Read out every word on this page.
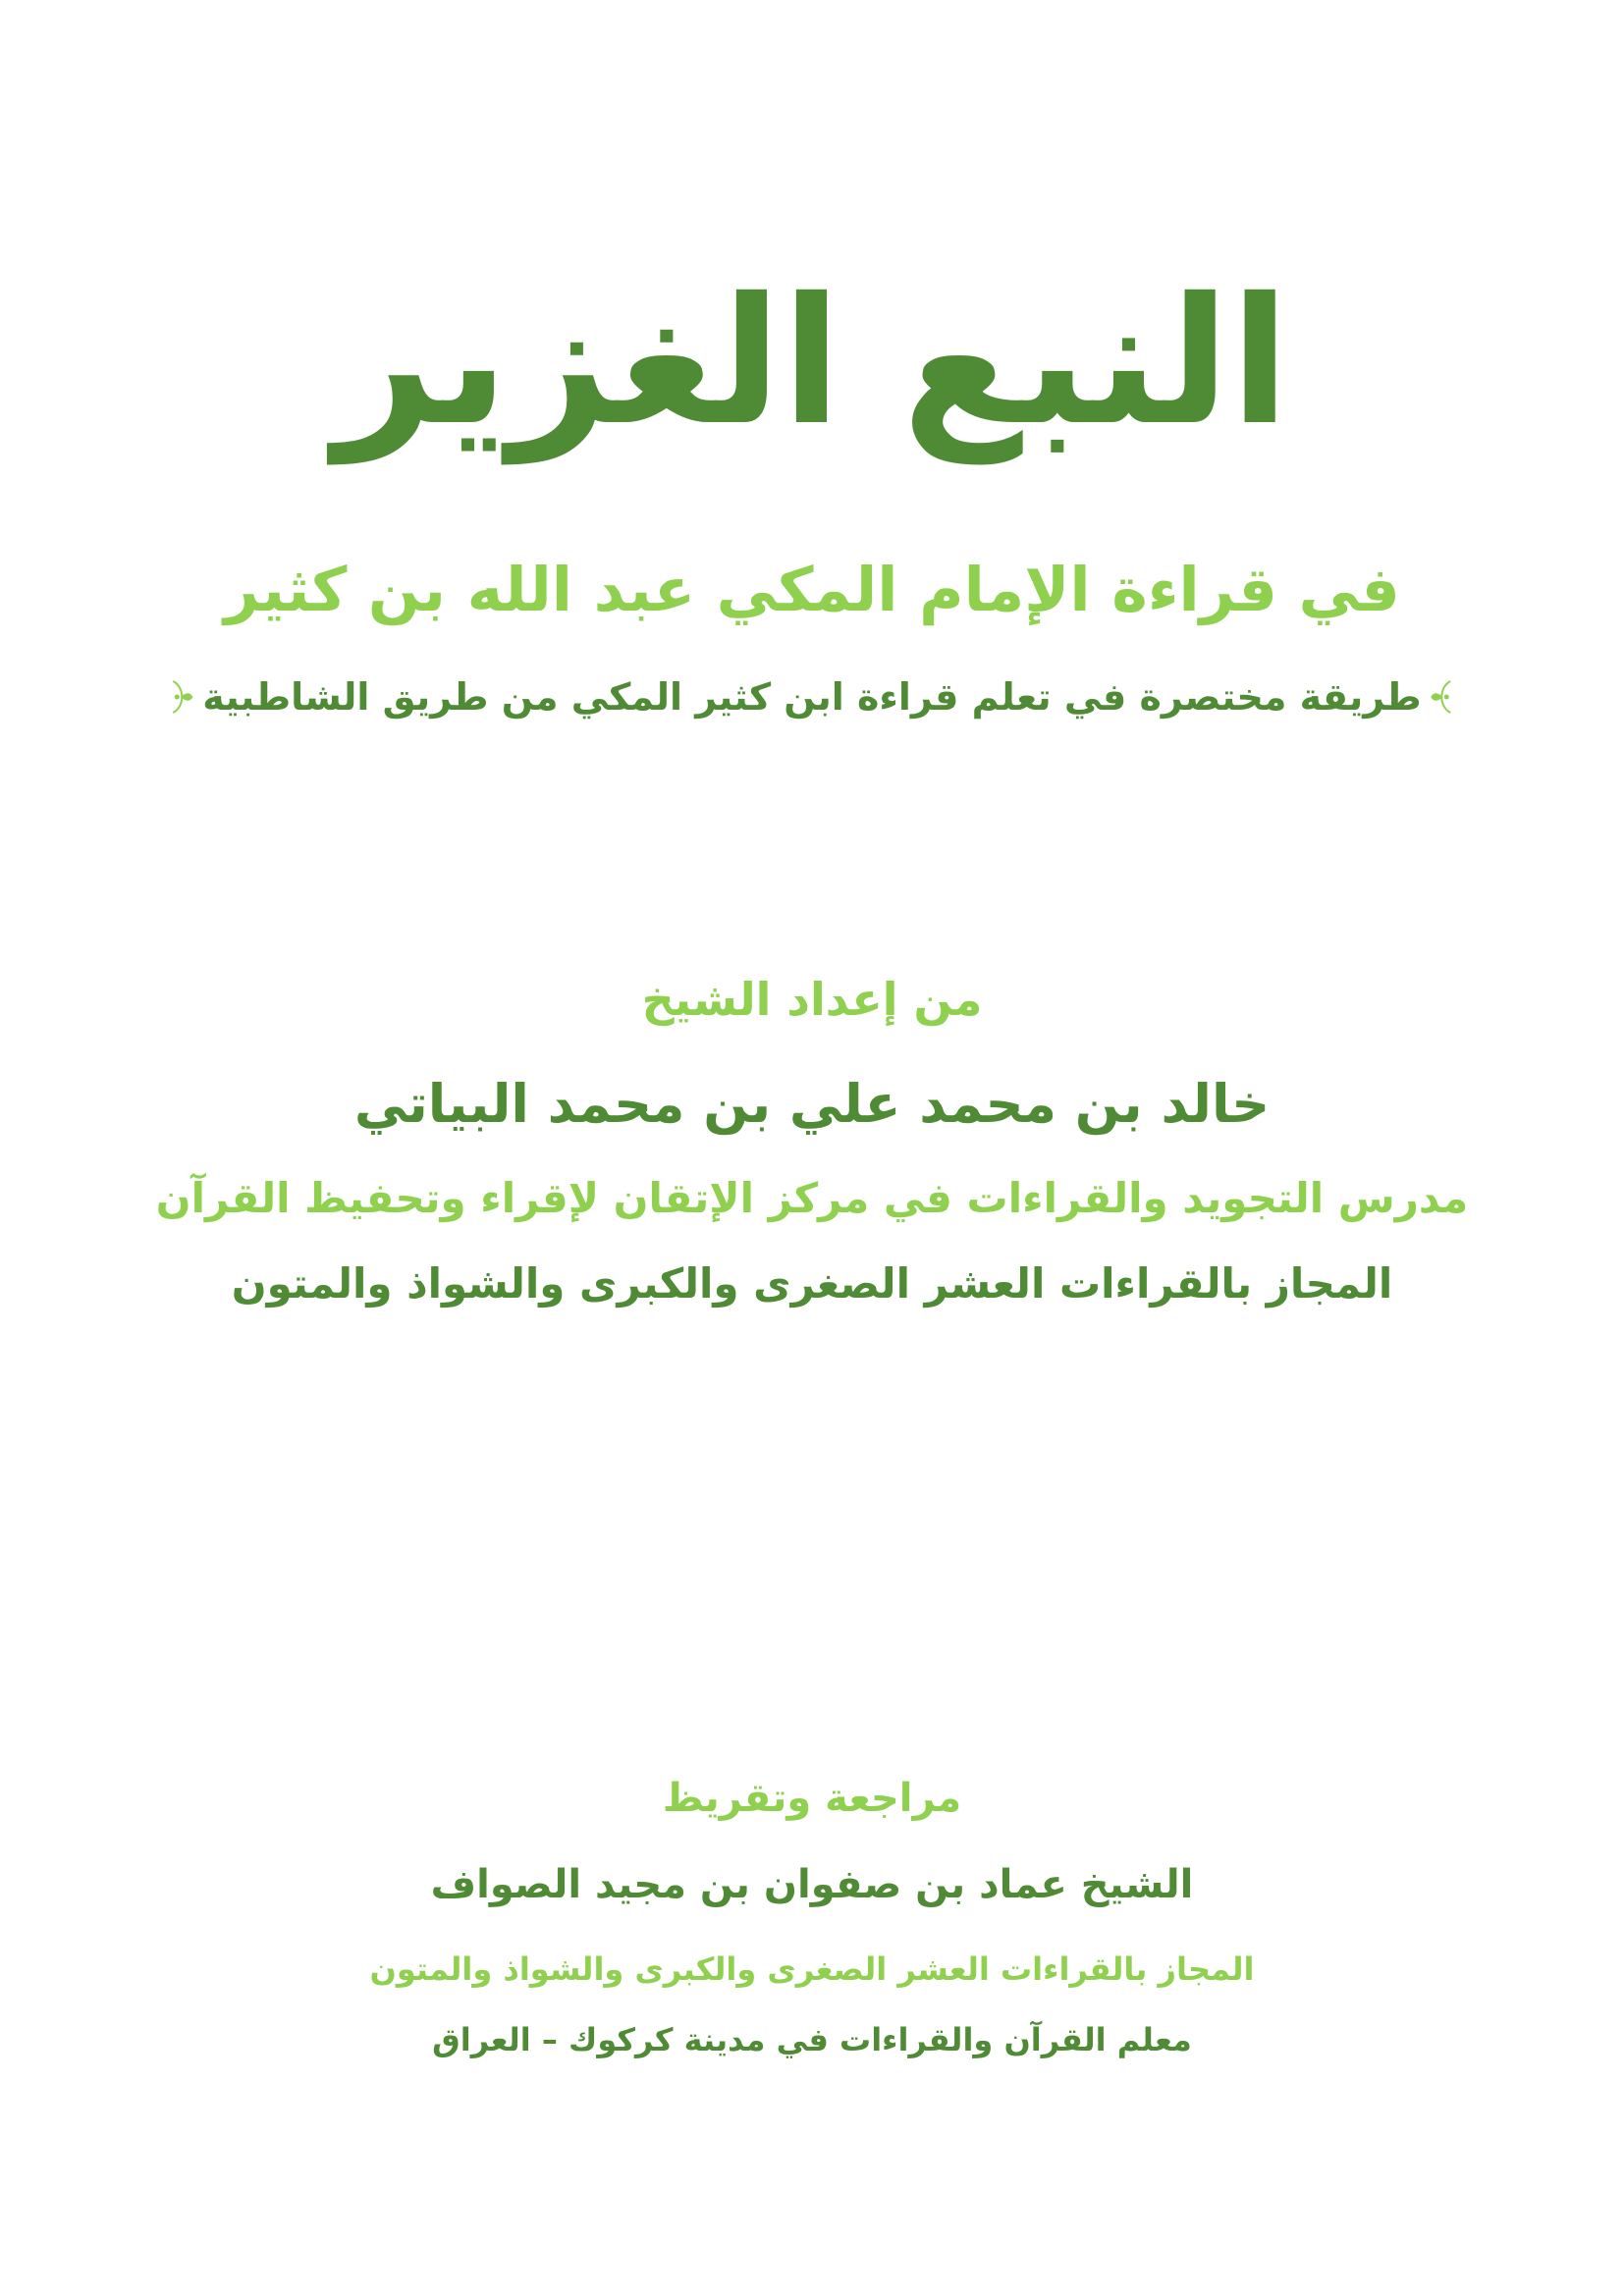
النبع الغزير
في قراءة الإمام المكي عبد الله بن كثير
طريقة مختصرة في تعلم قراءة ابن كثير المكي من طريق الشاطبية
من إعداد الشيخ
خالد بن محمد علي بن محمد البياتي
مدرس التجويد والقراءات في مركز الإتقان لإقراء وتحفيظ القرآن
المجاز بالقراءات العشر الصغرى والكبرى والشواذ والمتون
مراجعة وتقريظ
الشيخ عماد بن صفوان بن مجيد الصواف
المجاز بالقراءات العشر الصغرى والكبرى والشواذ والمتون
معلم القرآن والقراءات في مدينة كركوك – العراق
